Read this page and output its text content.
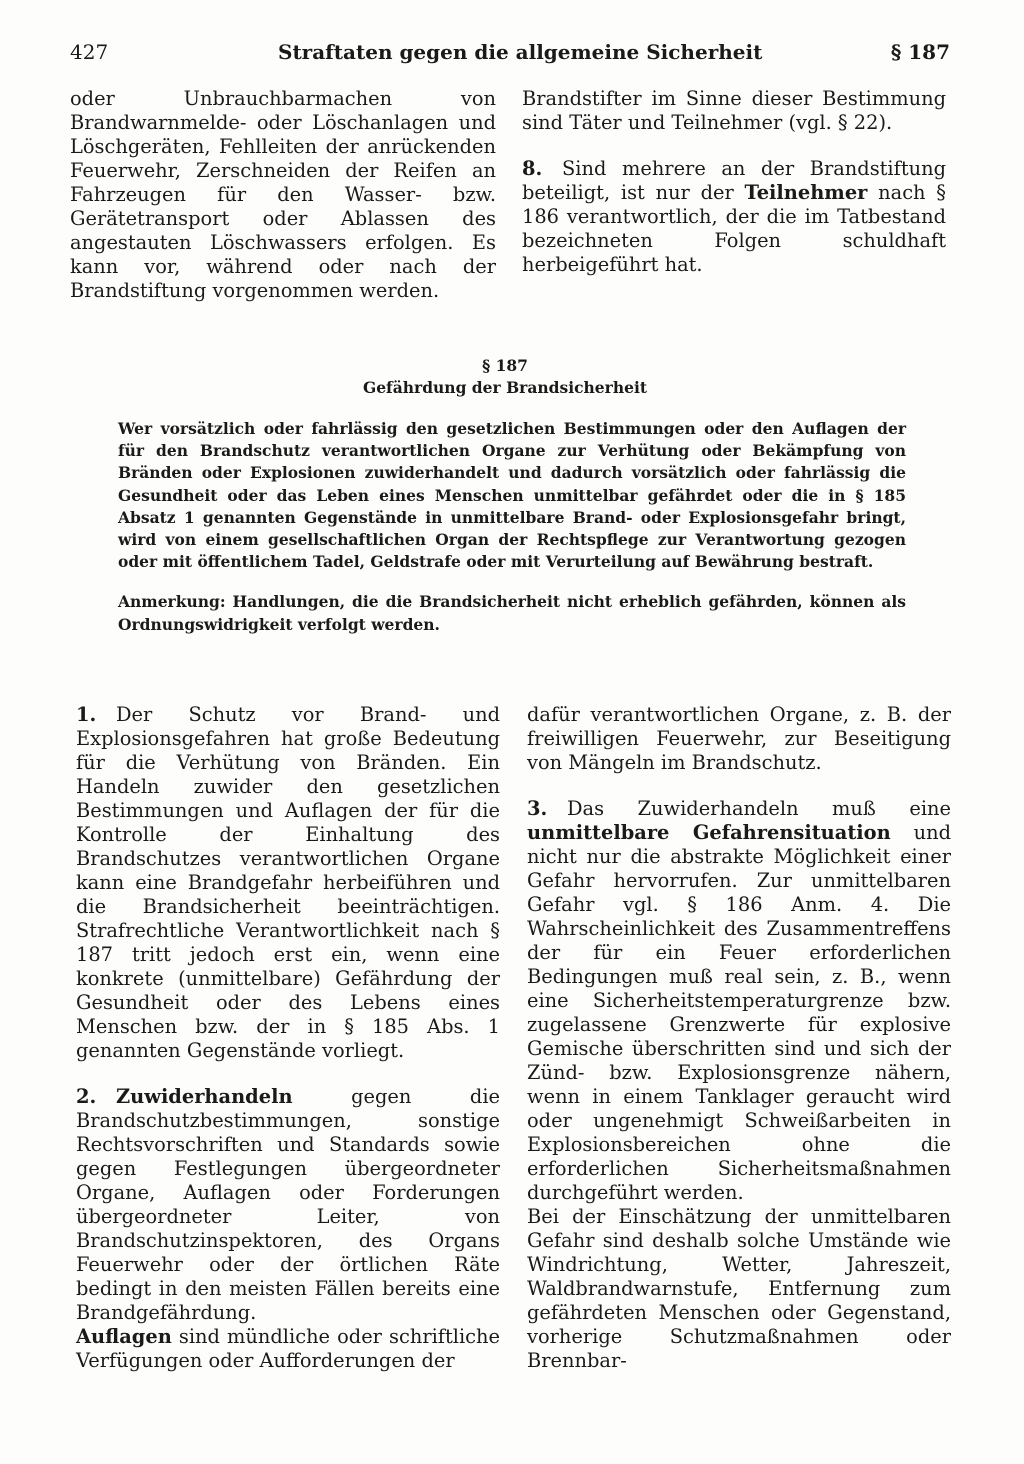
427	Straftaten gegen die allgemeine Sicherheit	§ 187

oder Unbrauchbarmachen von Brandwarnmelde- oder Löschanlagen und Löschgeräten, Fehlleiten der anrückenden Feuerwehr, Zerschneiden der Reifen an Fahrzeugen für den Wasser- bzw. Gerätetransport oder Ablassen des angestauten Löschwassers erfolgen. Es kann vor, während oder nach der Brandstiftung vorgenommen werden.

Brandstifter im Sinne dieser Bestimmung sind Täter und Teilnehmer (vgl. § 22).

8. Sind mehrere an der Brandstiftung beteiligt, ist nur der Teilnehmer nach § 186 verantwortlich, der die im Tatbestand bezeichneten Folgen schuldhaft herbeigeführt hat.

§ 187
Gefährdung der Brandsicherheit

Wer vorsätzlich oder fahrlässig den gesetzlichen Bestimmungen oder den Auflagen der für den Brandschutz verantwortlichen Organe zur Verhütung oder Bekämpfung von Bränden oder Explosionen zuwiderhandelt und dadurch vorsätzlich oder fahrlässig die Gesundheit oder das Leben eines Menschen unmittelbar gefährdet oder die in § 185 Absatz 1 genannten Gegenstände in unmittelbare Brand- oder Explosionsgefahr bringt, wird von einem gesellschaftlichen Organ der Rechtspflege zur Verantwortung gezogen oder mit öffentlichem Tadel, Geldstrafe oder mit Verurteilung auf Bewährung bestraft.

Anmerkung: Handlungen, die die Brandsicherheit nicht erheblich gefährden, können als Ordnungswidrigkeit verfolgt werden.

1. Der Schutz vor Brand- und Explosionsgefahren hat große Bedeutung für die Verhütung von Bränden. Ein Handeln zuwider den gesetzlichen Bestimmungen und Auflagen der für die Kontrolle der Einhaltung des Brandschutzes verantwortlichen Organe kann eine Brandgefahr herbeiführen und die Brandsicherheit beeinträchtigen. Strafrechtliche Verantwortlichkeit nach § 187 tritt jedoch erst ein, wenn eine konkrete (unmittelbare) Gefährdung der Gesundheit oder des Lebens eines Menschen bzw. der in § 185 Abs. 1 genannten Gegenstände vorliegt.

2. Zuwiderhandeln gegen die Brandschutzbestimmungen, sonstige Rechtsvorschriften und Standards sowie gegen Festlegungen übergeordneter Organe, Auflagen oder Forderungen übergeordneter Leiter, von Brandschutzinspektoren, des Organs Feuerwehr oder der örtlichen Räte bedingt in den meisten Fällen bereits eine Brandgefährdung.

Auflagen sind mündliche oder schriftliche Verfügungen oder Aufforderungen der

dafür verantwortlichen Organe, z. B. der freiwilligen Feuerwehr, zur Beseitigung von Mängeln im Brandschutz.

3. Das Zuwiderhandeln muß eine unmittelbare Gefahrensituation und nicht nur die abstrakte Möglichkeit einer Gefahr hervorrufen. Zur unmittelbaren Gefahr vgl. § 186 Anm. 4. Die Wahrscheinlichkeit des Zusammentreffens der für ein Feuer erforderlichen Bedingungen muß real sein, z. B., wenn eine Sicherheitstemperaturgrenze bzw. zugelassene Grenzwerte für explosive Gemische überschritten sind und sich der Zünd- bzw. Explosionsgrenze nähern, wenn in einem Tanklager geraucht wird oder ungenehmigt Schweißarbeiten in Explosionsbereichen ohne die erforderlichen Sicherheitsmaßnahmen durchgeführt werden.

Bei der Einschätzung der unmittelbaren Gefahr sind deshalb solche Umstände wie Windrichtung, Wetter, Jahreszeit, Waldbrandwarnstufe, Entfernung zum gefährdeten Menschen oder Gegenstand, vorherige Schutzmaßnahmen oder Brennbar-
